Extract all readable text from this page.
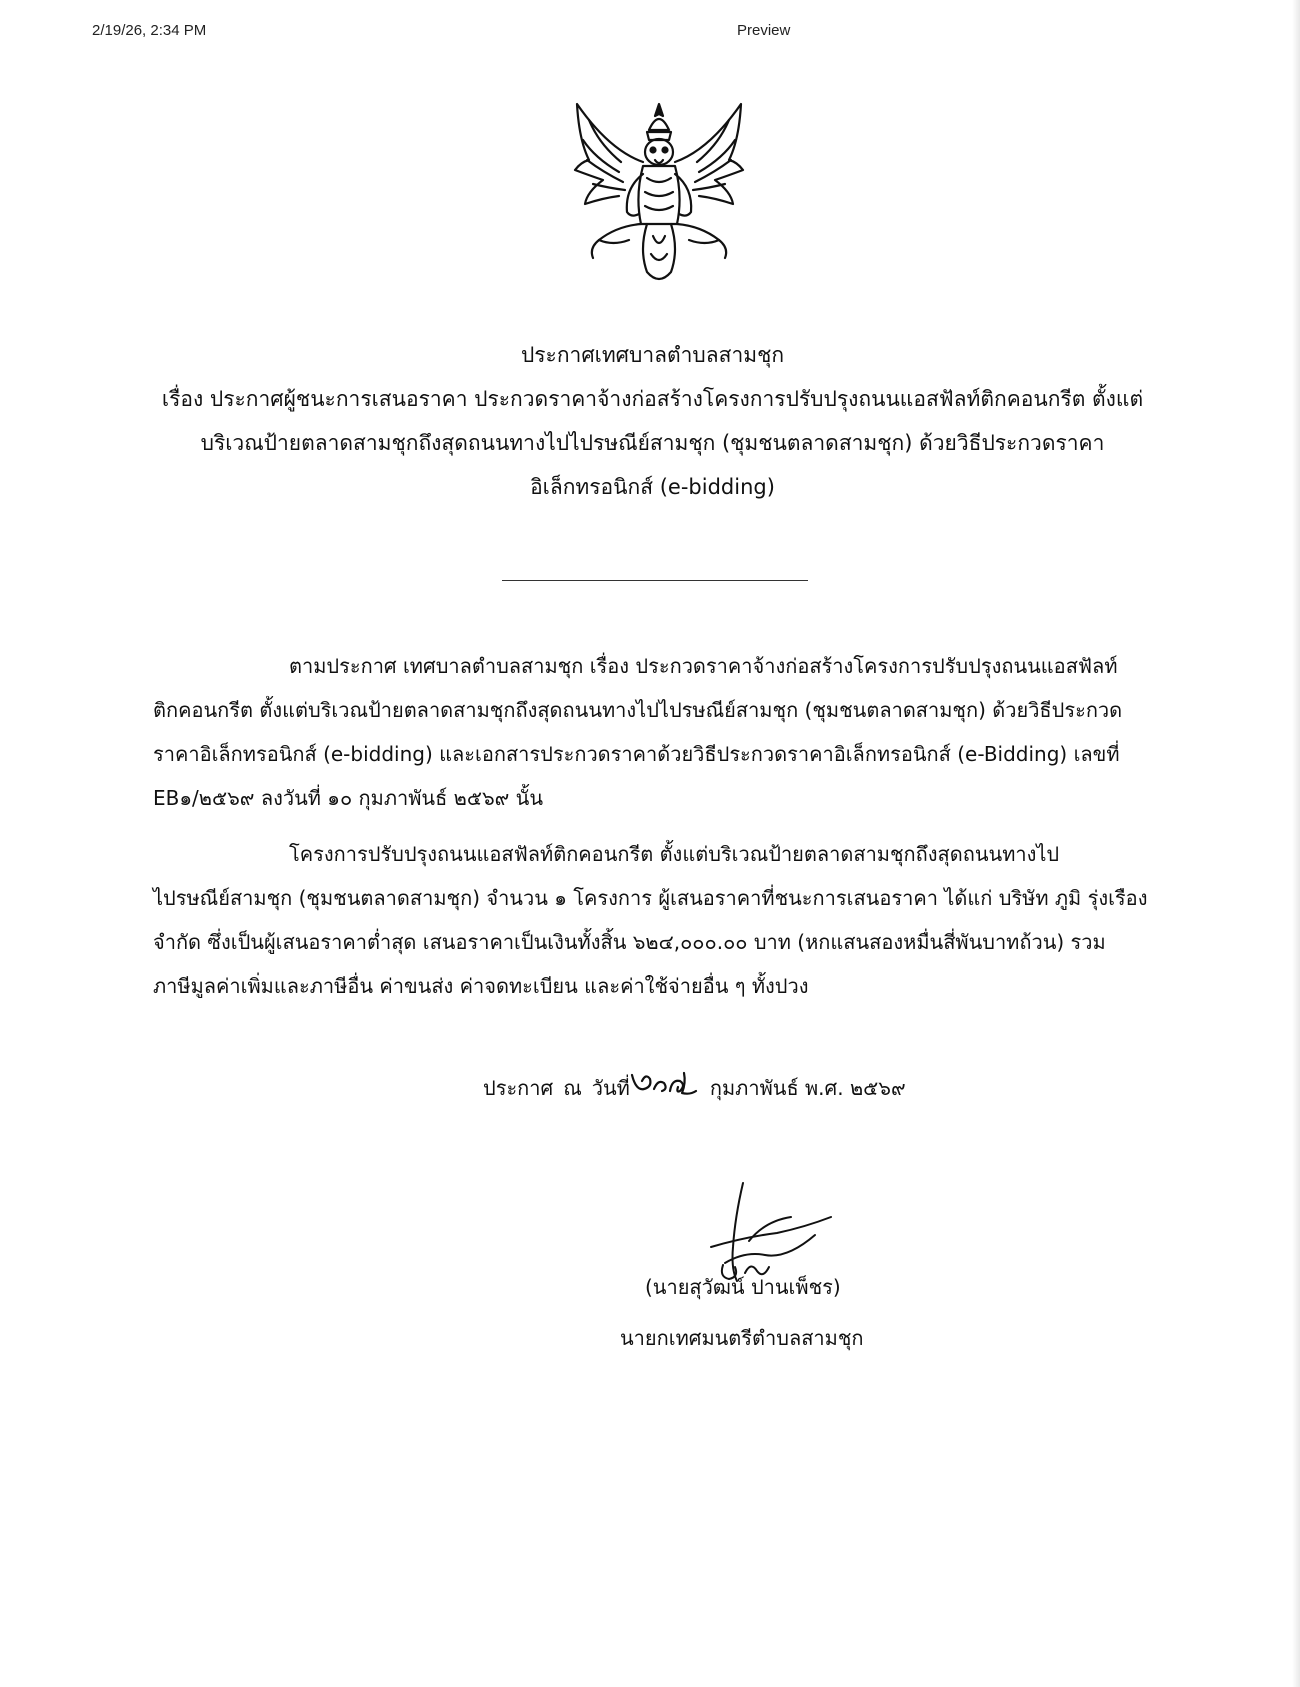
2/19/26, 2:34 PM	Preview
ประกาศเทศบาลตำบลสามชุก
เรื่อง ประกาศผู้ชนะการเสนอราคา ประกวดราคาจ้างก่อสร้างโครงการปรับปรุงถนนแอสฟัลท์ติกคอนกรีต ตั้งแต่
บริเวณป้ายตลาดสามชุกถึงสุดถนนทางไปไปรษณีย์สามชุก (ชุมชนตลาดสามชุก) ด้วยวิธีประกวดราคา
อิเล็กทรอนิกส์ (e-bidding)
ตามประกาศ เทศบาลตำบลสามชุก เรื่อง ประกวดราคาจ้างก่อสร้างโครงการปรับปรุงถนนแอสฟัลท์
ติกคอนกรีต ตั้งแต่บริเวณป้ายตลาดสามชุกถึงสุดถนนทางไปไปรษณีย์สามชุก (ชุมชนตลาดสามชุก) ด้วยวิธีประกวด
ราคาอิเล็กทรอนิกส์ (e-bidding) และเอกสารประกวดราคาด้วยวิธีประกวดราคาอิเล็กทรอนิกส์ (e-Bidding) เลขที่
EB๑/๒๕๖๙ ลงวันที่ ๑๐ กุมภาพันธ์ ๒๕๖๙ นั้น
โครงการปรับปรุงถนนแอสฟัลท์ติกคอนกรีต ตั้งแต่บริเวณป้ายตลาดสามชุกถึงสุดถนนทางไป
ไปรษณีย์สามชุก (ชุมชนตลาดสามชุก) จำนวน ๑ โครงการ ผู้เสนอราคาที่ชนะการเสนอราคา ได้แก่ บริษัท ภูมิ รุ่งเรือง
จำกัด ซึ่งเป็นผู้เสนอราคาต่ำสุด เสนอราคาเป็นเงินทั้งสิ้น ๖๒๔,๐๐๐.๐๐ บาท (หกแสนสองหมื่นสี่พันบาทถ้วน) รวม
ภาษีมูลค่าเพิ่มและภาษีอื่น ค่าขนส่ง ค่าจดทะเบียน และค่าใช้จ่ายอื่น ๆ ทั้งปวง
ประกาศ ณ วันที่	กุมภาพันธ์ พ.ศ. ๒๕๖๙
(นายสุวัฒน์ ปานเพ็ชร)
นายกเทศมนตรีตำบลสามชุก
